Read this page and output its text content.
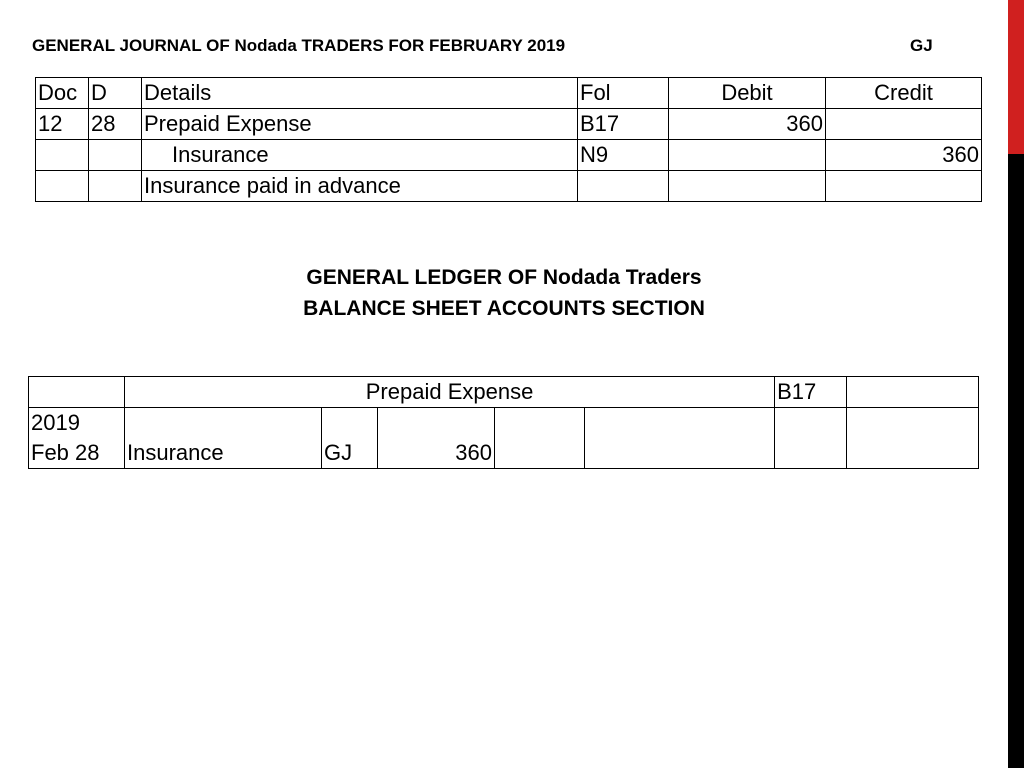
GENERAL JOURNAL OF Nodada TRADERS FOR FEBRUARY 2019	GJ
Doc	D	Details	Fol	Debit	Credit
12	28	Prepaid Expense	B17	360	
		Insurance	N9		360
		Insurance paid in advance			
GENERAL LEDGER OF Nodada Traders
BALANCE SHEET ACCOUNTS SECTION
	Prepaid Expense					B17	

2019
Feb 28	Insurance	GJ	360				
